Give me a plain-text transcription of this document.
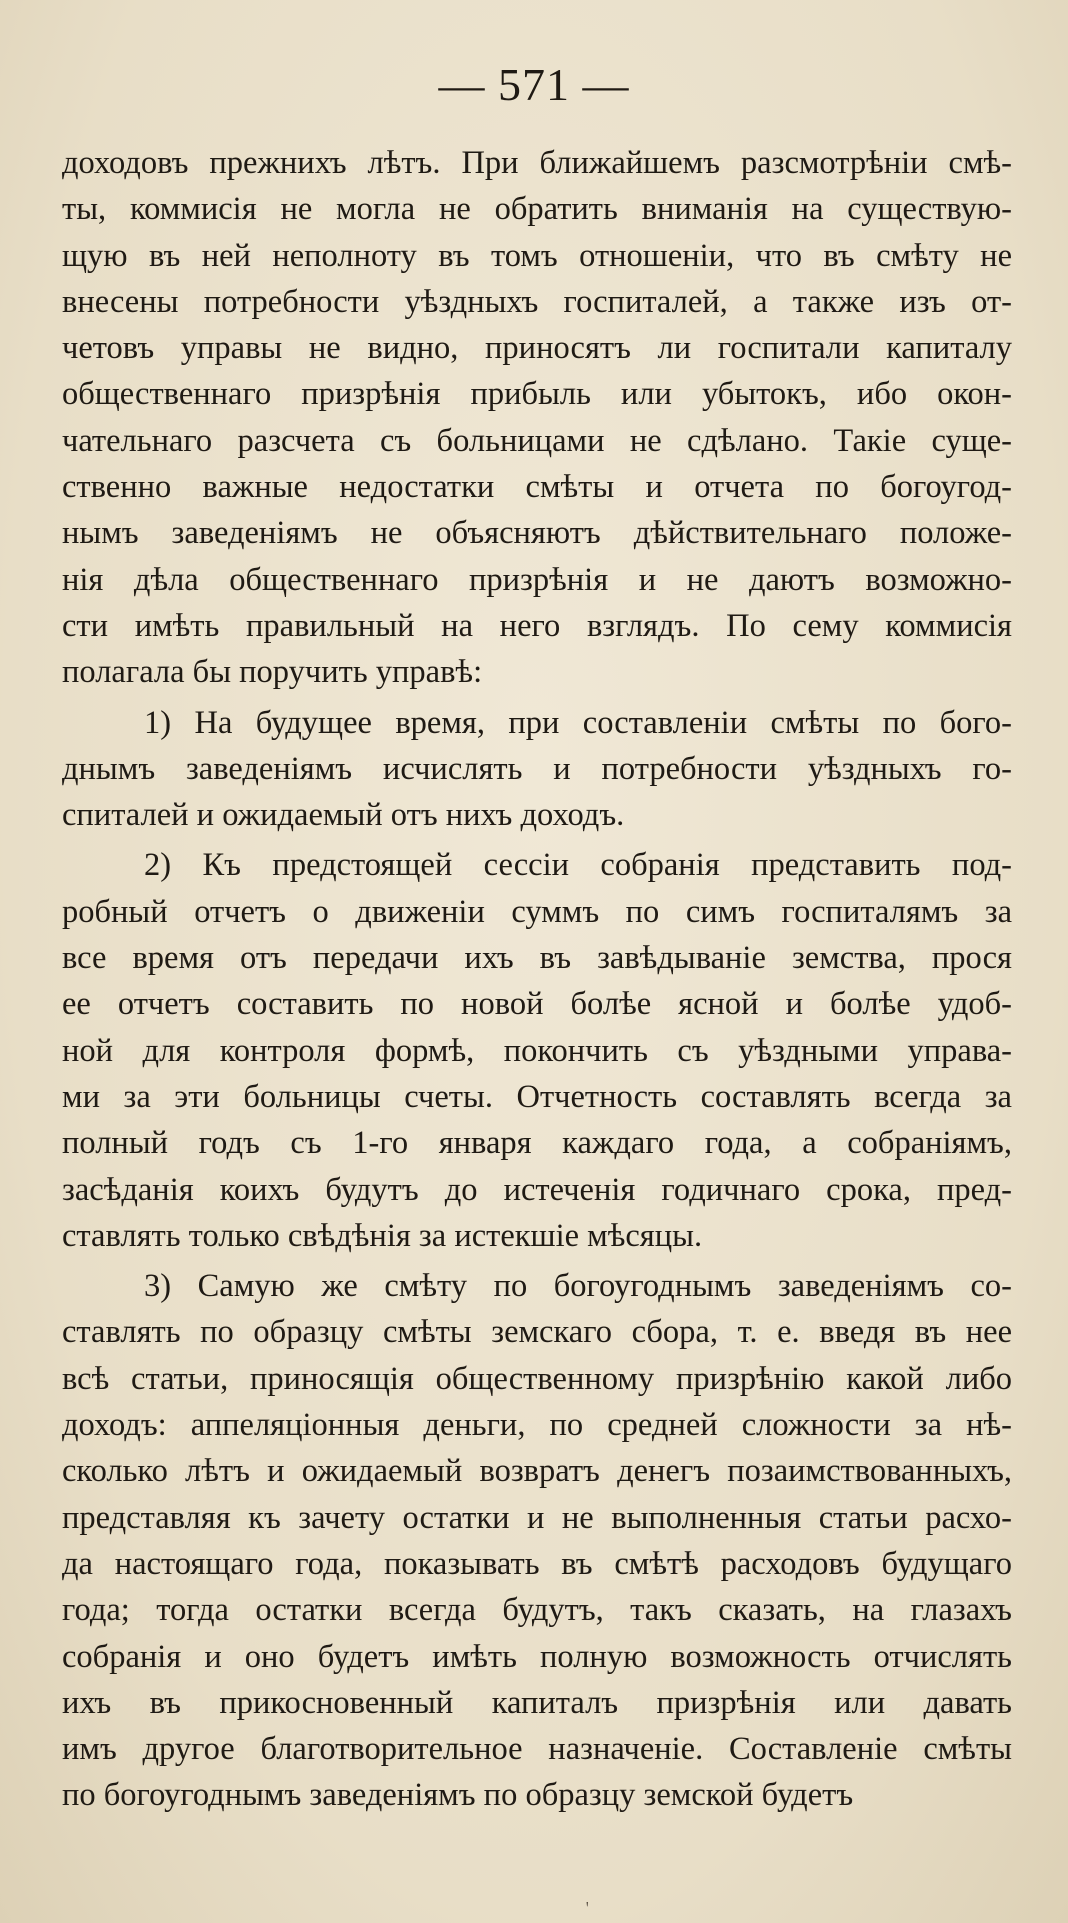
— 571 —
доходовъ прежнихъ лѣтъ. При ближайшемъ разсмотрѣніи смѣ-
ты, коммисія не могла не обратить вниманія на существую-
щую въ ней неполноту въ томъ отношеніи, что въ смѣту не
внесены потребности уѣздныхъ госпиталей, а также изъ от-
четовъ управы не видно, приносятъ ли госпитали капиталу
общественнаго призрѣнія прибыль или убытокъ, ибо окон-
чательнаго разсчета съ больницами не сдѣлано. Такіе суще-
ственно важные недостатки смѣты и отчета по богоугод-
нымъ заведеніямъ не объясняютъ дѣйствительнаго положе-
нія дѣла общественнаго призрѣнія и не даютъ возможно-
сти имѣть правильный на него взглядъ. По сему коммисія
полагала бы поручить управѣ:
1) На будущее время, при составленіи смѣты по бого-
днымъ заведеніямъ исчислять и потребности уѣздныхъ го-
спиталей и ожидаемый отъ нихъ доходъ.
2) Къ предстоящей сессіи собранія представить под-
робный отчетъ о движеніи суммъ по симъ госпиталямъ за
все время отъ передачи ихъ въ завѣдываніе земства, прося
ее отчетъ составить по новой болѣе ясной и болѣе удоб-
ной для контроля формѣ, покончить съ уѣздными управа-
ми за эти больницы счеты. Отчетность составлять всегда за
полный годъ съ 1-го января каждаго года, а собраніямъ,
засѣданія коихъ будутъ до истеченія годичнаго срока, пред-
ставлять только свѣдѣнія за истекшіе мѣсяцы.
3) Самую же смѣту по богоугоднымъ заведеніямъ со-
ставлять по образцу смѣты земскаго сбора, т. е. введя въ нее
всѣ статьи, приносящія общественному призрѣнію какой либо
доходъ: аппеляціонныя деньги, по средней сложности за нѣ-
сколько лѣтъ и ожидаемый возвратъ денегъ позаимствованныхъ,
представляя къ зачету остатки и не выполненныя статьи расхо-
да настоящаго года, показывать въ смѣтѣ расходовъ будущаго
года; тогда остатки всегда будутъ, такъ сказать, на глазахъ
собранія и оно будетъ имѣть полную возможность отчислять
ихъ въ прикосновенный капиталъ призрѣнія или давать
имъ другое благотворительное назначеніе. Составленіе смѣты
по богоугоднымъ заведеніямъ по образцу земской будетъ
ꞌ
